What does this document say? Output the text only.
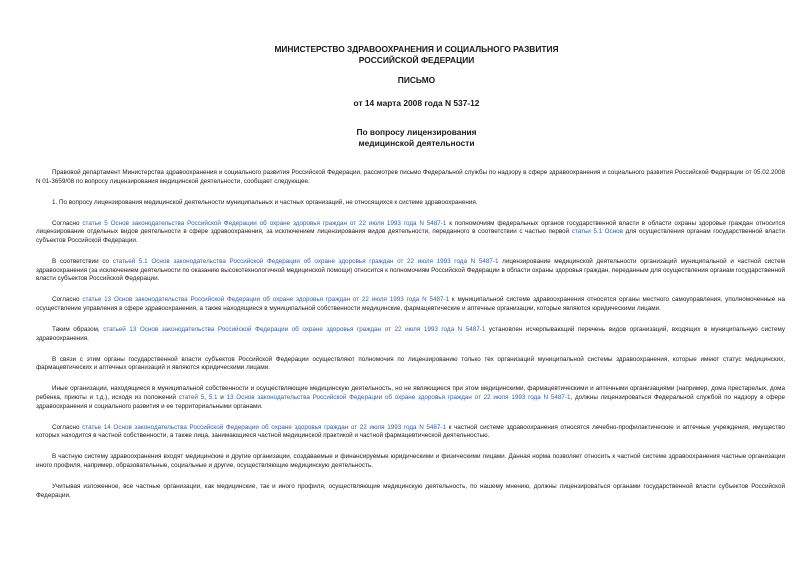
МИНИСТЕРСТВО ЗДРАВООХРАНЕНИЯ И СОЦИАЛЬНОГО РАЗВИТИЯ
РОССИЙСКОЙ ФЕДЕРАЦИИ
ПИСЬМО
от 14 марта 2008 года N 537-12
По вопросу лицензирования
медицинской деятельности

Правовой департамент Министерства здравоохранения и социального развития Российской Федерации, рассмотрев письмо Федеральной службы по надзору в сфере здравоохранения и социального развития Российской Федерации от 05.02.2008 N 01-3659/08 по вопросу лицензирования медицинской деятельности, сообщает следующее.

1. По вопросу лицензирования медицинской деятельности муниципальных и частных организаций, не относящихся к системе здравоохранения.

Согласно статье 5 Основ законодательства Российской Федерации об охране здоровья граждан от 22 июля 1993 года N 5487-1 к полномочиям федеральных органов государственной власти в области охраны здоровья граждан относится лицензирование отдельных видов деятельности в сфере здравоохранения, за исключением лицензирования видов деятельности, переданного в соответствии с частью первой статьи 5.1 Основ для осуществления органам государственной власти субъектов Российской Федерации.

В соответствии со статьей 5.1 Основ законодательства Российской Федерации об охране здоровья граждан от 22 июля 1993 года N 5487-1 лицензирование медицинской деятельности организаций муниципальной и частной систем здравоохранения (за исключением деятельности по оказанию высокотехнологичной медицинской помощи) относится к полномочиям Российской Федерации в области охраны здоровья граждан, переданным для осуществления органам государственной власти субъектов Российской Федерации.

Согласно статье 13 Основ законодательства Российской Федерации об охране здоровья граждан от 22 июля 1993 года N 5487-1 к муниципальной системе здравоохранения относятся органы местного самоуправления, уполномоченные на осуществление управления в сфере здравоохранения, а также находящиеся в муниципальной собственности медицинские, фармацевтические и аптечные организации, которые являются юридическими лицами.

Таким образом, статьей 13 Основ законодательства Российской Федерации об охране здоровья граждан от 22 июля 1993 года N 5487-1 установлен исчерпывающий перечень видов организаций, входящих в муниципальную систему здравоохранения.

В связи с этим органы государственной власти субъектов Российской Федерации осуществляют полномочия по лицензированию только тех организаций муниципальной системы здравоохранения, которые имеют статус медицинских, фармацевтических и аптечных организаций и являются юридическими лицами.

Иные организации, находящиеся в муниципальной собственности и осуществляющие медицинскую деятельность, но не являющиеся при этом медицинскими, фармацевтическими и аптечными организациями (например, дома престарелых, дома ребенка, приюты и т.д.), исходя из положений статей 5, 5.1 и 13 Основ законодательства Российской Федерации об охране здоровья граждан от 22 июля 1993 года N 5487-1, должны лицензироваться Федеральной службой по надзору в сфере здравоохранения и социального развития и ее территориальными органами.

Согласно статье 14 Основ законодательства Российской Федерации об охране здоровья граждан от 22 июля 1993 года N 5487-1 к частной системе здравоохранения относятся лечебно-профилактические и аптечные учреждения, имущество которых находится в частной собственности, а также лица, занимающиеся частной медицинской практикой и частной фармацевтической деятельностью.

В частную систему здравоохранения входят медицинские и другие организации, создаваемые и финансируемые юридическими и физическими лицами. Данная норма позволяет относить к частной системе здравоохранения частные организации иного профиля, например, образовательные, социальные и другие, осуществляющие медицинскую деятельность.

Учитывая изложенное, все частные организации, как медицинские, так и иного профиля, осуществляющие медицинскую деятельность, по нашему мнению, должны лицензироваться органами государственной власти субъектов Российской Федерации.
